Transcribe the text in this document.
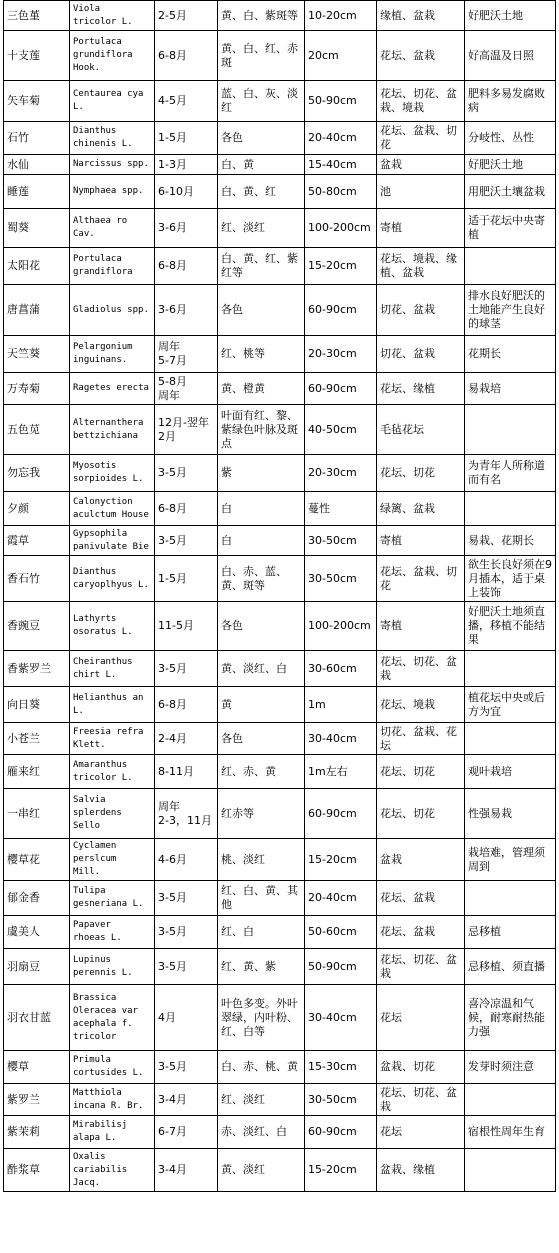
三色堇	Viola
tricolor L.	2-5月	黄、白、紫斑等	10-20cm	缘植、盆栽	好肥沃土地
十支莲	Portulaca
grundiflora
Hook.	6-8月	黄、白、红、赤斑	20cm	花坛、盆栽	好高温及日照
矢车菊	Centaurea cya
L.	4-5月	蓝、白、灰、淡红	50-90cm	花坛、切花、盆栽、境栽	肥料多易发腐败病
石竹	Dianthus
chinenis L.	1-5月	各色	20-40cm	花坛、盆栽、切花	分岐性、丛性
水仙	Narcissus spp.	1-3月	白、黄	15-40cm	盆栽	好肥沃土地
睡莲	Nymphaea spp.	6-10月	白、黄、红	50-80cm	池	用肥沃土壤盆栽
蜀葵	Althaea ro
Cav.	3-6月	红、淡红	100-200cm	寄植	适于花坛中央寄植
太阳花	Portulaca
grandiflora	6-8月	白、黄、红、紫红等	15-20cm	花坛、境栽、缘植、盆栽	
唐菖蒲	Gladiolus spp.	3-6月	各色	60-90cm	切花、盆栽	排水良好肥沃的土地能产生良好的球茎
天竺葵	Pelargonium
inguinans.	周年
5-7月	红、桃等	20-30cm	切花、盆栽	花期长
万寿菊	Ragetes erecta	5-8月
周年	黄、橙黄	60-90cm	花坛、缘植	易栽培
五色苋	Alternanthera
bettzichiana	12月-翌年2月	叶面有红、黎、紫绿色叶脉及斑点	40-50cm	毛毡花坛	
勿忘我	Myosotis
sorpioides L.	3-5月	紫	20-30cm	花坛、切花	为青年人所称道而有名
夕颜	Calonyction
aculctum House	6-8月	白	蔓性	绿篱、盆栽	
霞草	Gypsophila
panivulate Bie	3-5月	白	30-50cm	寄植	易栽、花期长
香石竹	Dianthus
caryoplhyus L.	1-5月	白、赤、蓝、黄、斑等	30-50cm	花坛、盆栽、切花	欲生长良好须在9月插本，适于桌上装饰
香豌豆	Lathyrts
osoratus L.	11-5月	各色	100-200cm	寄植	好肥沃土地须直播，移植不能结果
香紫罗兰	Cheiranthus
chirt L.	3-5月	黄、淡红、白	30-60cm	花坛、切花、盆栽	
向日葵	Helianthus an
L.	6-8月	黄	1m	花坛、境栽	植花坛中央或后方为宜
小苍兰	Freesia refra
Klett.	2-4月	各色	30-40cm	切花、盆栽、花坛	
雁来红	Amaranthus
tricolor L.	8-11月	红、赤、黄	1m左右	花坛、切花	观叶栽培
一串红	Salvia
splerdens
Sello	周年
2-3，11月	红赤等	60-90cm	花坛、切花	性强易栽
樱草花	Cyclamen
perslcum
Mill.	4-6月	桃、淡红	15-20cm	盆栽	栽培难，管理须周到
郁金香	Tulipa
gesneriana L.	3-5月	红、白、黄、其他	20-40cm	花坛、盆栽	
虞美人	Papaver
rhoeas L.	3-5月	红、白	50-60cm	花坛、盆栽	忌移植
羽扇豆	Lupinus
perennis L.	3-5月	红、黄、紫	50-90cm	花坛、切花、盆栽	忌移植、须直播
羽衣甘蓝	Brassica
Oleracea var
acephala f.
tricolor	4月	叶色多变。外叶翠绿，内叶粉、红、白等	30-40cm	花坛	喜冷凉温和气候，耐寒耐热能力强
樱草	Primula
cortusides L.	3-5月	白、赤、桃、黄	15-30cm	盆栽、切花	发芽时须注意
紫罗兰	Matthiola
incana R. Br.	3-4月	红、淡红	30-50cm	花坛、切花、盆栽	
紫茉莉	Mirabilisj
alapa L.	6-7月	赤、淡红、白	60-90cm	花坛	宿根性周年生育
酢浆草	Oxalis
cariabilis
Jacq.	3-4月	黄、淡红	15-20cm	盆栽、缘植	
